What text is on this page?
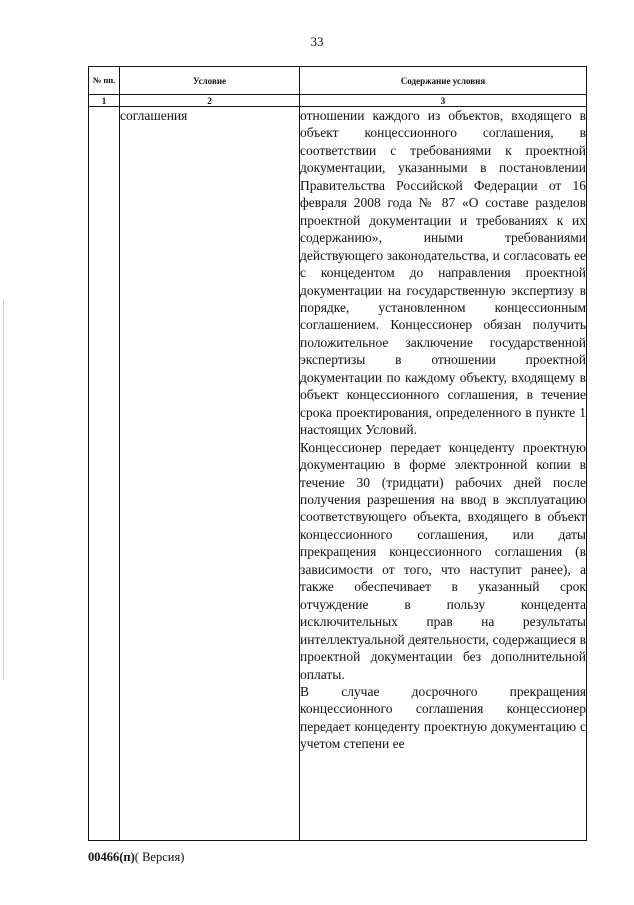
33
№ пп.	Условие	Содержание условия
1	2	3
	соглашения	отношении каждого из объектов, входящего в объект концессионного соглашения, в соответствии с требованиями к проектной документации, указанными в постановлении Правительства Российской Федерации от 16 февраля 2008 года № 87 «О составе разделов проектной документации и требованиях к их содержанию», иными требованиями действующего законодательства, и согласовать ее с концедентом до направления проектной документации на государственную экспертизу в порядке, установленном концессионным соглашением. Концессионер обязан получить положительное заключение государственной экспертизы в отношении проектной документации по каждому объекту, входящему в объект концессионного соглашения, в течение срока проектирования, определенного в пункте 1 настоящих Условий.

Концессионер передает концеденту проектную документацию в форме электронной копии в течение 30 (тридцати) рабочих дней после получения разрешения на ввод в эксплуатацию соответствующего объекта, входящего в объект концессионного соглашения, или даты прекращения концессионного соглашения (в зависимости от того, что наступит ранее), а также обеспечивает в указанный срок отчуждение в пользу концедента исключительных прав на результаты интеллектуальной деятельности, содержащиеся в проектной документации без дополнительной оплаты.

В случае досрочного прекращения концессионного соглашения концессионер передает концеденту проектную документацию с учетом степени ее

00466(п)( Версия)
